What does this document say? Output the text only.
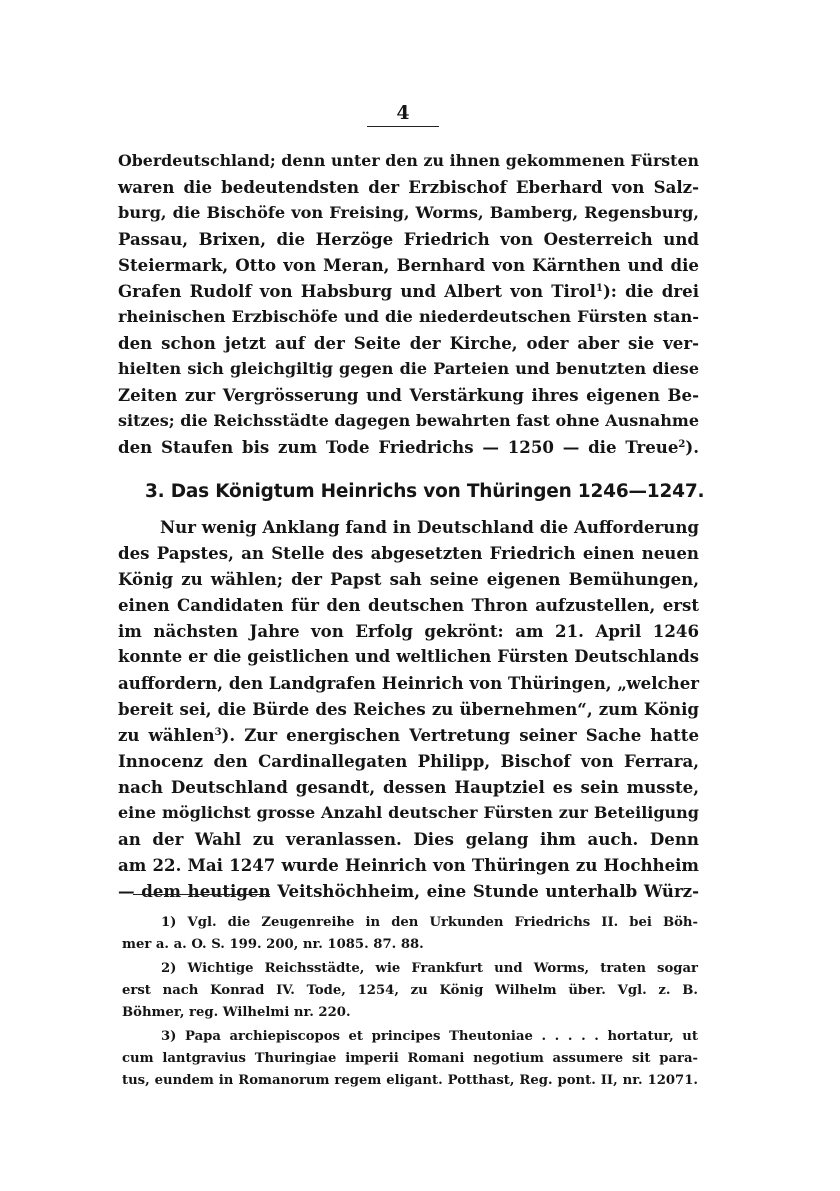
4
Oberdeutschland; denn unter den zu ihnen gekommenen Fürsten
waren die bedeutendsten der Erzbischof Eberhard von Salz-
burg, die Bischöfe von Freising, Worms, Bamberg, Regensburg,
Passau, Brixen, die Herzöge Friedrich von Oesterreich und
Steiermark, Otto von Meran, Bernhard von Kärnthen und die
Grafen Rudolf von Habsburg und Albert von Tirol$^1$): die drei
rheinischen Erzbischöfe und die niederdeutschen Fürsten stan-
den schon jetzt auf der Seite der Kirche, oder aber sie ver-
hielten sich gleichgiltig gegen die Parteien und benutzten diese
Zeiten zur Vergrösserung und Verstärkung ihres eigenen Be-
sitzes; die Reichsstädte dagegen bewahrten fast ohne Ausnahme
den Staufen bis zum Tode Friedrichs — 1250 — die Treue$^2$).
3. Das Königtum Heinrichs von Thüringen 1246—1247.
Nur wenig Anklang fand in Deutschland die Aufforderung
des Papstes, an Stelle des abgesetzten Friedrich einen neuen
König zu wählen; der Papst sah seine eigenen Bemühungen,
einen Candidaten für den deutschen Thron aufzustellen, erst
im nächsten Jahre von Erfolg gekrönt: am 21. April 1246
konnte er die geistlichen und weltlichen Fürsten Deutschlands
auffordern, den Landgrafen Heinrich von Thüringen, „welcher
bereit sei, die Bürde des Reiches zu übernehmen“, zum König
zu wählen$^3$). Zur energischen Vertretung seiner Sache hatte
Innocenz den Cardinallegaten Philipp, Bischof von Ferrara,
nach Deutschland gesandt, dessen Hauptziel es sein musste,
eine möglichst grosse Anzahl deutscher Fürsten zur Beteiligung
an der Wahl zu veranlassen. Dies gelang ihm auch. Denn
am 22. Mai 1247 wurde Heinrich von Thüringen zu Hochheim
— dem heutigen Veitshöchheim, eine Stunde unterhalb Würz-
1) Vgl. die Zeugenreihe in den Urkunden Friedrichs II. bei Böh-
mer a. a. O. S. 199. 200, nr. 1085. 87. 88.
2) Wichtige Reichsstädte, wie Frankfurt und Worms, traten sogar
erst nach Konrad IV. Tode, 1254, zu König Wilhelm über. Vgl. z. B.
Böhmer, reg. Wilhelmi nr. 220.
3) Papa archiepiscopos et principes Theutoniae . . . . . hortatur, ut
cum lantgravius Thuringiae imperii Romani negotium assumere sit para-
tus, eundem in Romanorum regem eligant. Potthast, Reg. pont. II, nr. 12071.
